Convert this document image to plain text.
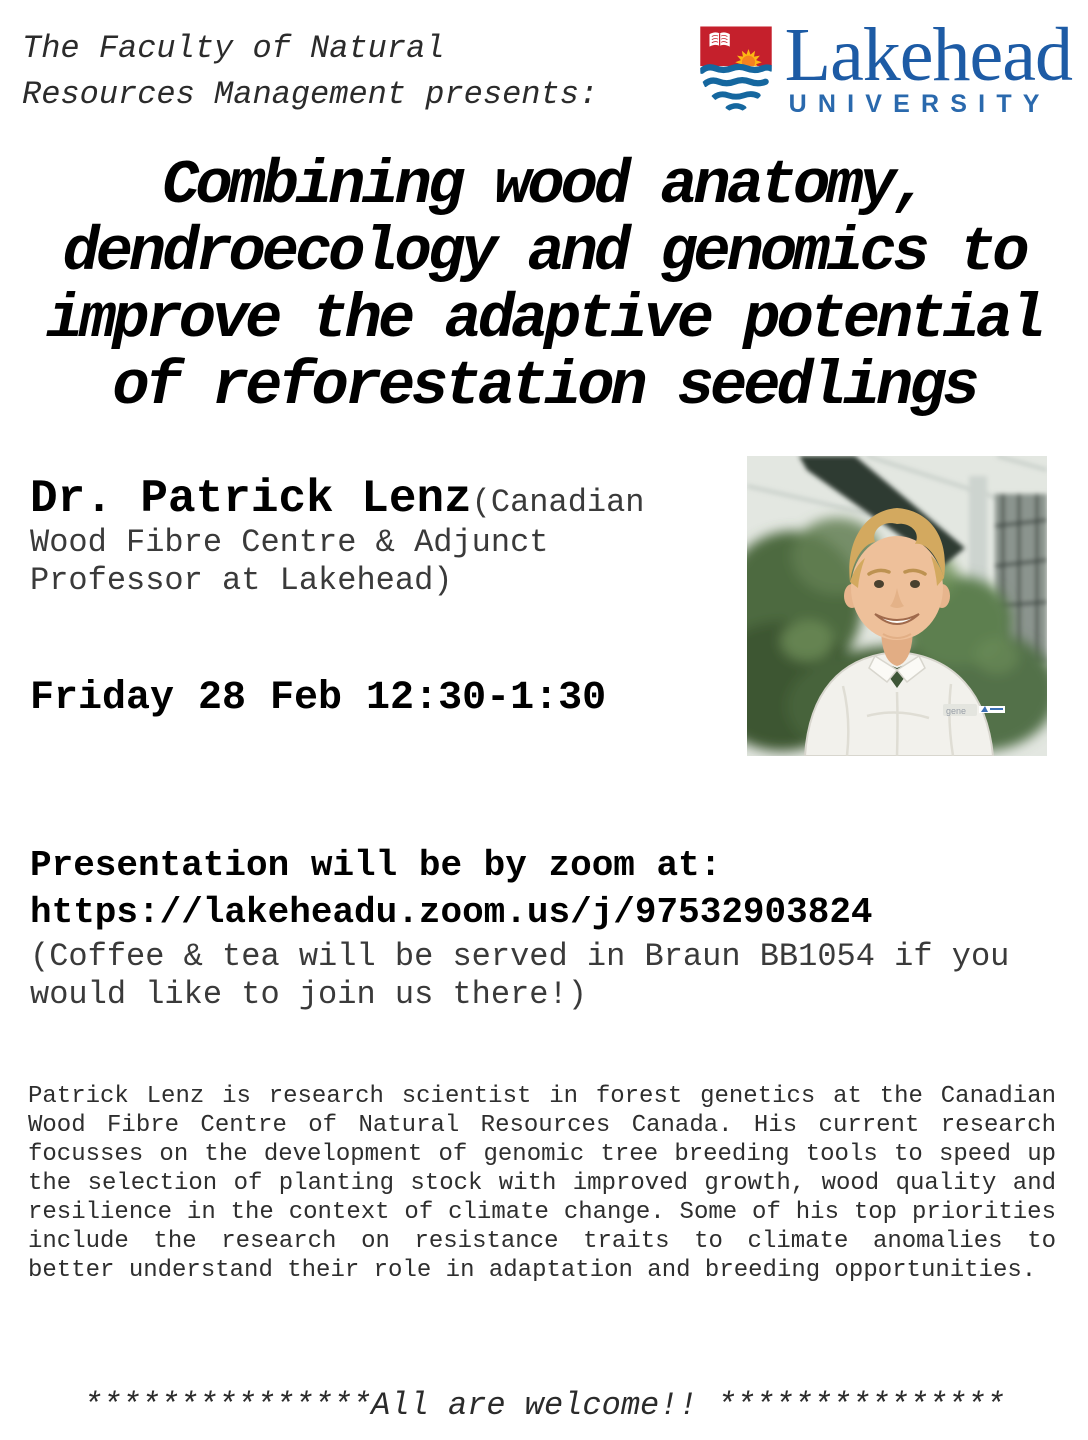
The Faculty of Natural
Resources Management presents: Lakehead
UNIVERSITY
Combining wood anatomy,
dendroecology and genomics to
improve the adaptive potential
of reforestation seedlings
Dr. Patrick Lenz(Canadian Wood Fibre Centre & Adjunct Professor at Lakehead)
gene
Friday 28 Feb 12:30-1:30
Presentation will be by zoom at:
https://lakeheadu.zoom.us/j/97532903824
(Coffee & tea will be served in Braun BB1054 if you would like to join us there!)
Patrick Lenz is research scientist in forest genetics at the Canadian Wood Fibre Centre of Natural Resources Canada. His current research focusses on the development of genomic tree breeding tools to speed up the selection of planting stock with improved growth, wood quality and resilience in the context of climate change. Some of his top priorities include the research on resistance traits to climate anomalies to better understand their role in adaptation and breeding opportunities.
***************All are welcome!! ***************
